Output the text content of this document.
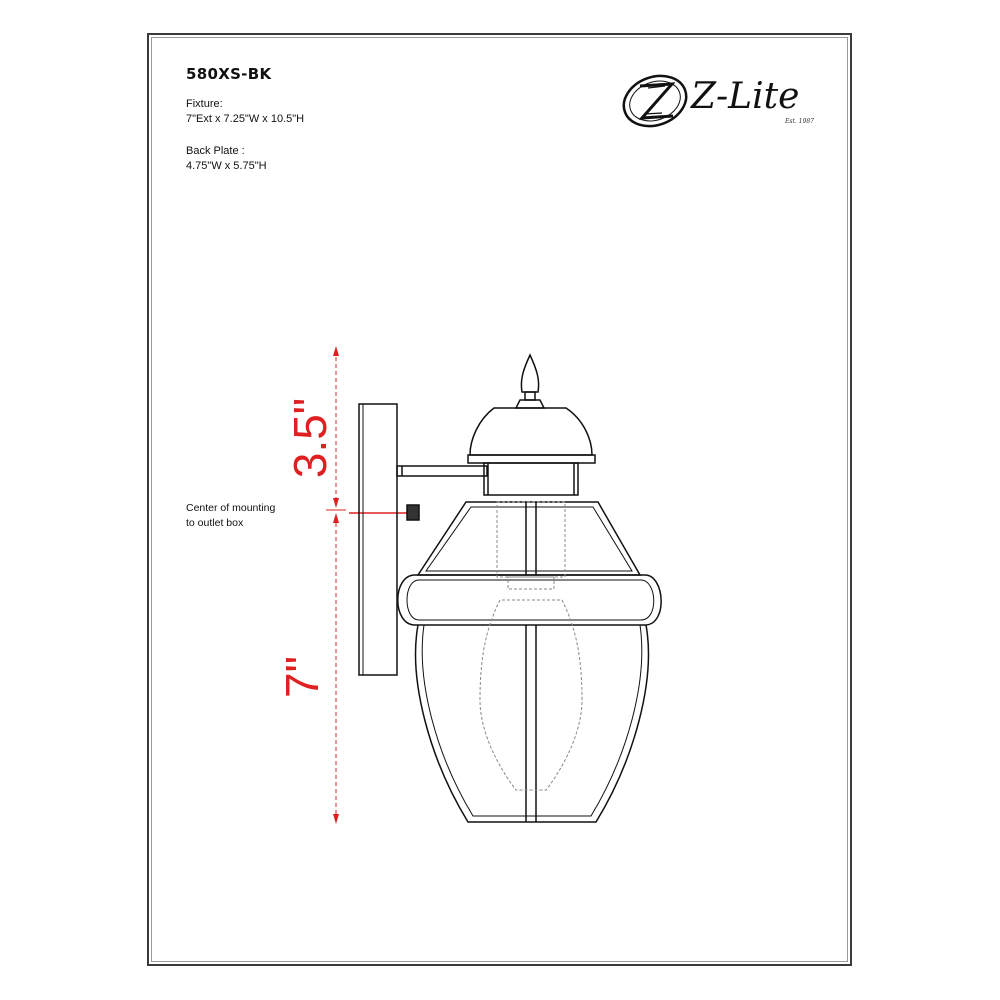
580XS-BK
Fixture:
7"Ext x 7.25"W x 10.5"H
Back Plate :
4.75"W x 5.75"H
Center of mounting
to outlet box
Z-Lite
Est. 1987
3.5"
7"
